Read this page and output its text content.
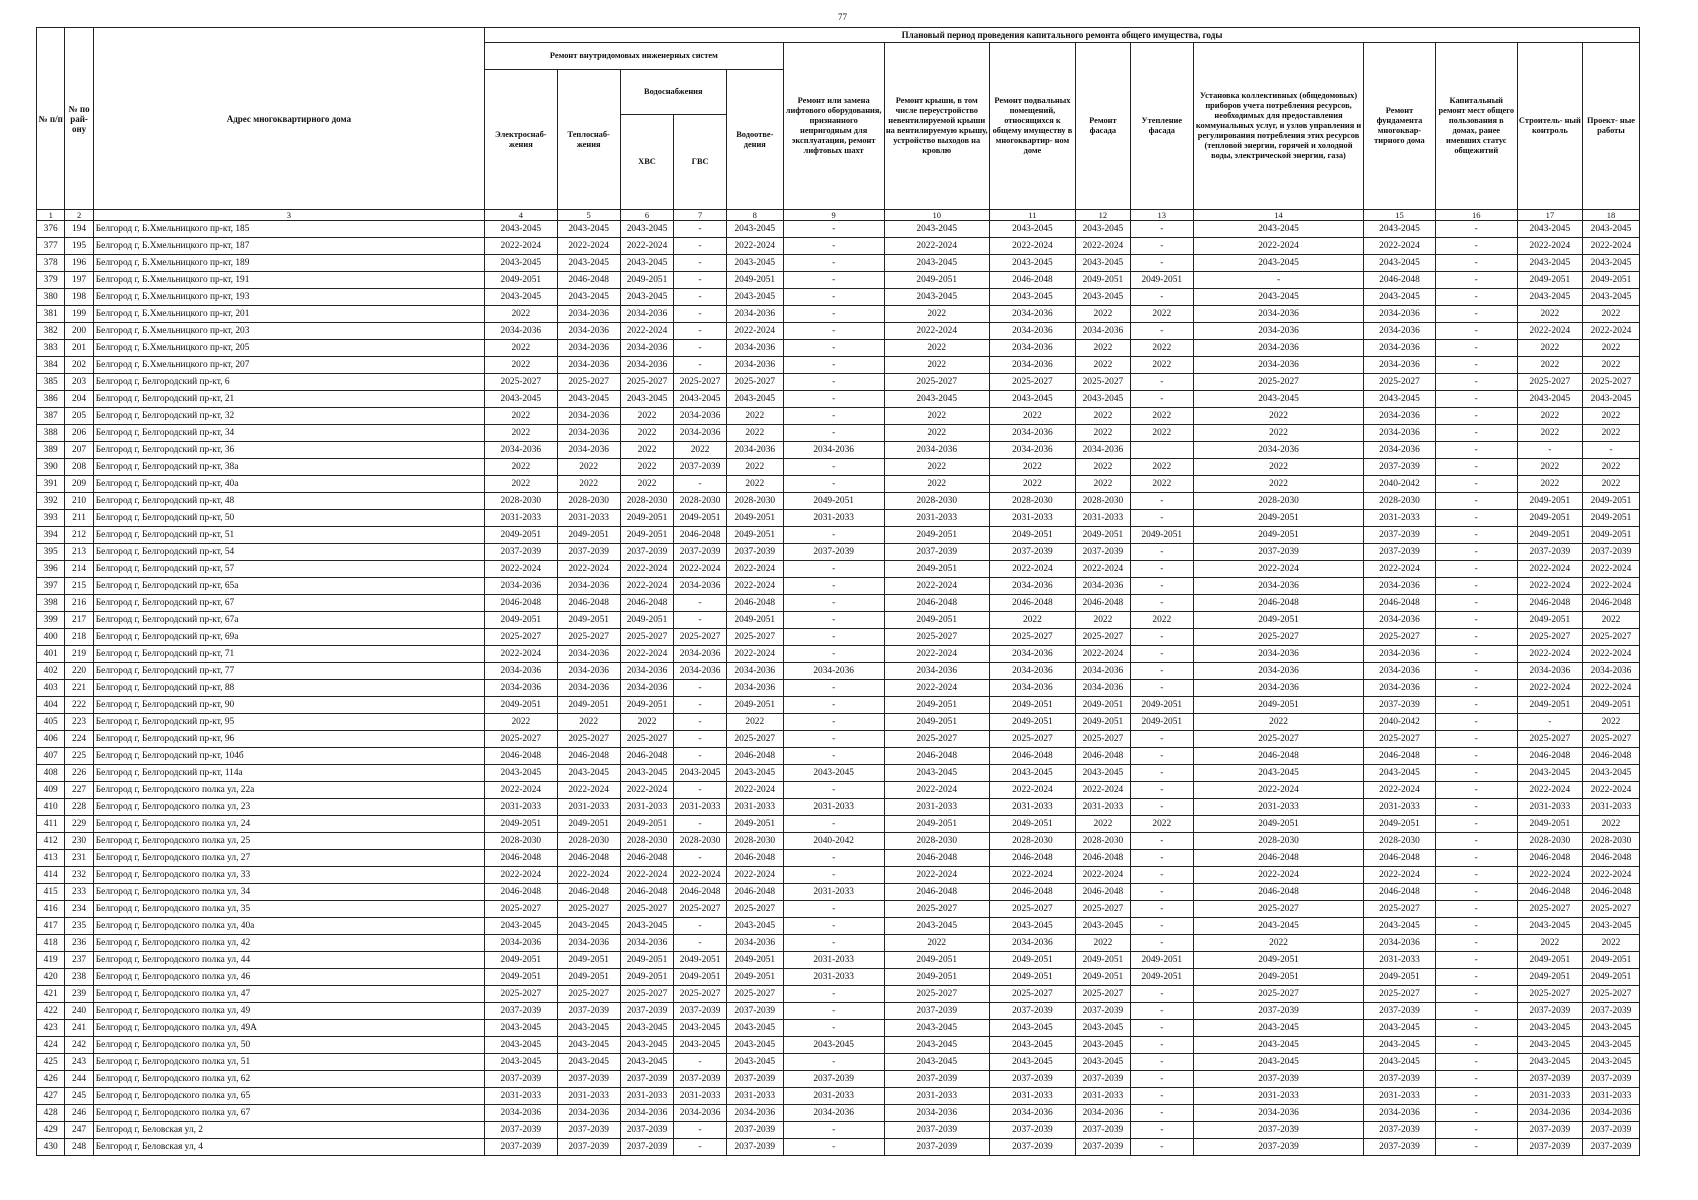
77
№ п/п	№ по рай- ону	Адрес многоквартирного дома	Плановый период проведения капитального ремонта общего имущества, годы														
			Ремонт внутридомовых инженерных систем					Ремонт или замена лифтового оборудования, признанного непригодным для эксплуатации, ремонт лифтовых шахт	Ремонт крыши, в том числе переустройство невентилируемой крыши на вентилируемую крышу, устройство выходов на кровлю	Ремонт подвальных помещений, относящихся к общему имуществу в многоквартир- ном доме	Ремонт фасада	Утепление фасада	Установка коллективных (общедомовых) приборов учета потребления ресурсов, необходимых для предоставления коммунальных услуг, и узлов управления и регулирования потребления этих ресурсов (тепловой энергии, горячей и холодной воды, электрической энергии, газа)	Ремонт фундамента многоквар- тирного дома	Капитальный ремонт мест общего пользования в домах, ранее имевших статус общежитий	Строитель- ный контроль	Проект- ные работы
			Электроснаб- жения	Теплоснаб- жения	Водоснабжения		Водоотве- дения										
					ХВС	ГВС											
1	2	3	4	5	6	7	8	9	10	11	12	13	14	15	16	17	18
376	194	Белгород г, Б.Хмельницкого пр-кт, 185	2043-2045	2043-2045	2043-2045	-	2043-2045	-	2043-2045	2043-2045	2043-2045	-	2043-2045	2043-2045	-	2043-2045	2043-2045
377	195	Белгород г, Б.Хмельницкого пр-кт, 187	2022-2024	2022-2024	2022-2024	-	2022-2024	-	2022-2024	2022-2024	2022-2024	-	2022-2024	2022-2024	-	2022-2024	2022-2024
378	196	Белгород г, Б.Хмельницкого пр-кт, 189	2043-2045	2043-2045	2043-2045	-	2043-2045	-	2043-2045	2043-2045	2043-2045	-	2043-2045	2043-2045	-	2043-2045	2043-2045
379	197	Белгород г, Б.Хмельницкого пр-кт, 191	2049-2051	2046-2048	2049-2051	-	2049-2051	-	2049-2051	2046-2048	2049-2051	2049-2051	-	2046-2048	-	2049-2051	2049-2051
380	198	Белгород г, Б.Хмельницкого пр-кт, 193	2043-2045	2043-2045	2043-2045	-	2043-2045	-	2043-2045	2043-2045	2043-2045	-	2043-2045	2043-2045	-	2043-2045	2043-2045
381	199	Белгород г, Б.Хмельницкого пр-кт, 201	2022	2034-2036	2034-2036	-	2034-2036	-	2022	2034-2036	2022	2022	2034-2036	2034-2036	-	2022	2022
382	200	Белгород г, Б.Хмельницкого пр-кт, 203	2034-2036	2034-2036	2022-2024	-	2022-2024	-	2022-2024	2034-2036	2034-2036	-	2034-2036	2034-2036	-	2022-2024	2022-2024
383	201	Белгород г, Б.Хмельницкого пр-кт, 205	2022	2034-2036	2034-2036	-	2034-2036	-	2022	2034-2036	2022	2022	2034-2036	2034-2036	-	2022	2022
384	202	Белгород г, Б.Хмельницкого пр-кт, 207	2022	2034-2036	2034-2036	-	2034-2036	-	2022	2034-2036	2022	2022	2034-2036	2034-2036	-	2022	2022
385	203	Белгород г, Белгородский пр-кт, 6	2025-2027	2025-2027	2025-2027	2025-2027	2025-2027	-	2025-2027	2025-2027	2025-2027	-	2025-2027	2025-2027	-	2025-2027	2025-2027
386	204	Белгород г, Белгородский пр-кт, 21	2043-2045	2043-2045	2043-2045	2043-2045	2043-2045	-	2043-2045	2043-2045	2043-2045	-	2043-2045	2043-2045	-	2043-2045	2043-2045
387	205	Белгород г, Белгородский пр-кт, 32	2022	2034-2036	2022	2034-2036	2022	-	2022	2022	2022	2022	2022	2034-2036	-	2022	2022
388	206	Белгород г, Белгородский пр-кт, 34	2022	2034-2036	2022	2034-2036	2022	-	2022	2034-2036	2022	2022	2022	2034-2036	-	2022	2022
389	207	Белгород г, Белгородский пр-кт, 36	2034-2036	2034-2036	2022	2022	2034-2036	2034-2036	2034-2036	2034-2036	2034-2036		2034-2036	2034-2036	-	-	-
390	208	Белгород г, Белгородский пр-кт, 38а	2022	2022	2022	2037-2039	2022	-	2022	2022	2022	2022	2022	2037-2039	-	2022	2022
391	209	Белгород г, Белгородский пр-кт, 40а	2022	2022	2022	-	2022	-	2022	2022	2022	2022	2022	2040-2042	-	2022	2022
392	210	Белгород г, Белгородский пр-кт, 48	2028-2030	2028-2030	2028-2030	2028-2030	2028-2030	2049-2051	2028-2030	2028-2030	2028-2030	-	2028-2030	2028-2030	-	2049-2051	2049-2051
393	211	Белгород г, Белгородский пр-кт, 50	2031-2033	2031-2033	2049-2051	2049-2051	2049-2051	2031-2033	2031-2033	2031-2033	2031-2033	-	2049-2051	2031-2033	-	2049-2051	2049-2051
394	212	Белгород г, Белгородский пр-кт, 51	2049-2051	2049-2051	2049-2051	2046-2048	2049-2051	-	2049-2051	2049-2051	2049-2051	2049-2051	2049-2051	2037-2039	-	2049-2051	2049-2051
395	213	Белгород г, Белгородский пр-кт, 54	2037-2039	2037-2039	2037-2039	2037-2039	2037-2039	2037-2039	2037-2039	2037-2039	2037-2039	-	2037-2039	2037-2039	-	2037-2039	2037-2039
396	214	Белгород г, Белгородский пр-кт, 57	2022-2024	2022-2024	2022-2024	2022-2024	2022-2024	-	2049-2051	2022-2024	2022-2024	-	2022-2024	2022-2024	-	2022-2024	2022-2024
397	215	Белгород г, Белгородский пр-кт, 65а	2034-2036	2034-2036	2022-2024	2034-2036	2022-2024	-	2022-2024	2034-2036	2034-2036	-	2034-2036	2034-2036	-	2022-2024	2022-2024
398	216	Белгород г, Белгородский пр-кт, 67	2046-2048	2046-2048	2046-2048	-	2046-2048	-	2046-2048	2046-2048	2046-2048	-	2046-2048	2046-2048	-	2046-2048	2046-2048
399	217	Белгород г, Белгородский пр-кт, 67а	2049-2051	2049-2051	2049-2051	-	2049-2051	-	2049-2051	2022	2022	2022	2049-2051	2034-2036	-	2049-2051	2022
400	218	Белгород г, Белгородский пр-кт, 69а	2025-2027	2025-2027	2025-2027	2025-2027	2025-2027	-	2025-2027	2025-2027	2025-2027	-	2025-2027	2025-2027	-	2025-2027	2025-2027
401	219	Белгород г, Белгородский пр-кт, 71	2022-2024	2034-2036	2022-2024	2034-2036	2022-2024	-	2022-2024	2034-2036	2022-2024	-	2034-2036	2034-2036	-	2022-2024	2022-2024
402	220	Белгород г, Белгородский пр-кт, 77	2034-2036	2034-2036	2034-2036	2034-2036	2034-2036	2034-2036	2034-2036	2034-2036	2034-2036	-	2034-2036	2034-2036	-	2034-2036	2034-2036
403	221	Белгород г, Белгородский пр-кт, 88	2034-2036	2034-2036	2034-2036	-	2034-2036	-	2022-2024	2034-2036	2034-2036	-	2034-2036	2034-2036	-	2022-2024	2022-2024
404	222	Белгород г, Белгородский пр-кт, 90	2049-2051	2049-2051	2049-2051	-	2049-2051	-	2049-2051	2049-2051	2049-2051	2049-2051	2049-2051	2037-2039	-	2049-2051	2049-2051
405	223	Белгород г, Белгородский пр-кт, 95	2022	2022	2022	-	2022	-	2049-2051	2049-2051	2049-2051	2049-2051	2022	2040-2042	-	-	2022
406	224	Белгород г, Белгородский пр-кт, 96	2025-2027	2025-2027	2025-2027	-	2025-2027	-	2025-2027	2025-2027	2025-2027	-	2025-2027	2025-2027	-	2025-2027	2025-2027
407	225	Белгород г, Белгородский пр-кт, 104б	2046-2048	2046-2048	2046-2048	-	2046-2048	-	2046-2048	2046-2048	2046-2048	-	2046-2048	2046-2048	-	2046-2048	2046-2048
408	226	Белгород г, Белгородский пр-кт, 114а	2043-2045	2043-2045	2043-2045	2043-2045	2043-2045	2043-2045	2043-2045	2043-2045	2043-2045	-	2043-2045	2043-2045	-	2043-2045	2043-2045
409	227	Белгород г, Белгородского полка ул, 22а	2022-2024	2022-2024	2022-2024	-	2022-2024	-	2022-2024	2022-2024	2022-2024	-	2022-2024	2022-2024	-	2022-2024	2022-2024
410	228	Белгород г, Белгородского полка ул, 23	2031-2033	2031-2033	2031-2033	2031-2033	2031-2033	2031-2033	2031-2033	2031-2033	2031-2033	-	2031-2033	2031-2033	-	2031-2033	2031-2033
411	229	Белгород г, Белгородского полка ул, 24	2049-2051	2049-2051	2049-2051	-	2049-2051	-	2049-2051	2049-2051	2022	2022	2049-2051	2049-2051	-	2049-2051	2022
412	230	Белгород г, Белгородского полка ул, 25	2028-2030	2028-2030	2028-2030	2028-2030	2028-2030	2040-2042	2028-2030	2028-2030	2028-2030	-	2028-2030	2028-2030	-	2028-2030	2028-2030
413	231	Белгород г, Белгородского полка ул, 27	2046-2048	2046-2048	2046-2048	-	2046-2048	-	2046-2048	2046-2048	2046-2048	-	2046-2048	2046-2048	-	2046-2048	2046-2048
414	232	Белгород г, Белгородского полка ул, 33	2022-2024	2022-2024	2022-2024	2022-2024	2022-2024	-	2022-2024	2022-2024	2022-2024	-	2022-2024	2022-2024	-	2022-2024	2022-2024
415	233	Белгород г, Белгородского полка ул, 34	2046-2048	2046-2048	2046-2048	2046-2048	2046-2048	2031-2033	2046-2048	2046-2048	2046-2048	-	2046-2048	2046-2048	-	2046-2048	2046-2048
416	234	Белгород г, Белгородского полка ул, 35	2025-2027	2025-2027	2025-2027	2025-2027	2025-2027	-	2025-2027	2025-2027	2025-2027	-	2025-2027	2025-2027	-	2025-2027	2025-2027
417	235	Белгород г, Белгородского полка ул, 40а	2043-2045	2043-2045	2043-2045	-	2043-2045	-	2043-2045	2043-2045	2043-2045	-	2043-2045	2043-2045	-	2043-2045	2043-2045
418	236	Белгород г, Белгородского полка ул, 42	2034-2036	2034-2036	2034-2036	-	2034-2036	-	2022	2034-2036	2022	-	2022	2034-2036	-	2022	2022
419	237	Белгород г, Белгородского полка ул, 44	2049-2051	2049-2051	2049-2051	2049-2051	2049-2051	2031-2033	2049-2051	2049-2051	2049-2051	2049-2051	2049-2051	2031-2033	-	2049-2051	2049-2051
420	238	Белгород г, Белгородского полка ул, 46	2049-2051	2049-2051	2049-2051	2049-2051	2049-2051	2031-2033	2049-2051	2049-2051	2049-2051	2049-2051	2049-2051	2049-2051	-	2049-2051	2049-2051
421	239	Белгород г, Белгородского полка ул, 47	2025-2027	2025-2027	2025-2027	2025-2027	2025-2027	-	2025-2027	2025-2027	2025-2027	-	2025-2027	2025-2027	-	2025-2027	2025-2027
422	240	Белгород г, Белгородского полка ул, 49	2037-2039	2037-2039	2037-2039	2037-2039	2037-2039	-	2037-2039	2037-2039	2037-2039	-	2037-2039	2037-2039	-	2037-2039	2037-2039
423	241	Белгород г, Белгородского полка ул, 49А	2043-2045	2043-2045	2043-2045	2043-2045	2043-2045	-	2043-2045	2043-2045	2043-2045	-	2043-2045	2043-2045	-	2043-2045	2043-2045
424	242	Белгород г, Белгородского полка ул, 50	2043-2045	2043-2045	2043-2045	2043-2045	2043-2045	2043-2045	2043-2045	2043-2045	2043-2045	-	2043-2045	2043-2045	-	2043-2045	2043-2045
425	243	Белгород г, Белгородского полка ул, 51	2043-2045	2043-2045	2043-2045	-	2043-2045	-	2043-2045	2043-2045	2043-2045	-	2043-2045	2043-2045	-	2043-2045	2043-2045
426	244	Белгород г, Белгородского полка ул, 62	2037-2039	2037-2039	2037-2039	2037-2039	2037-2039	2037-2039	2037-2039	2037-2039	2037-2039	-	2037-2039	2037-2039	-	2037-2039	2037-2039
427	245	Белгород г, Белгородского полка ул, 65	2031-2033	2031-2033	2031-2033	2031-2033	2031-2033	2031-2033	2031-2033	2031-2033	2031-2033	-	2031-2033	2031-2033	-	2031-2033	2031-2033
428	246	Белгород г, Белгородского полка ул, 67	2034-2036	2034-2036	2034-2036	2034-2036	2034-2036	2034-2036	2034-2036	2034-2036	2034-2036	-	2034-2036	2034-2036	-	2034-2036	2034-2036
429	247	Белгород г, Беловская ул, 2	2037-2039	2037-2039	2037-2039	-	2037-2039	-	2037-2039	2037-2039	2037-2039	-	2037-2039	2037-2039	-	2037-2039	2037-2039
430	248	Белгород г, Беловская ул, 4	2037-2039	2037-2039	2037-2039	-	2037-2039	-	2037-2039	2037-2039	2037-2039	-	2037-2039	2037-2039	-	2037-2039	2037-2039
